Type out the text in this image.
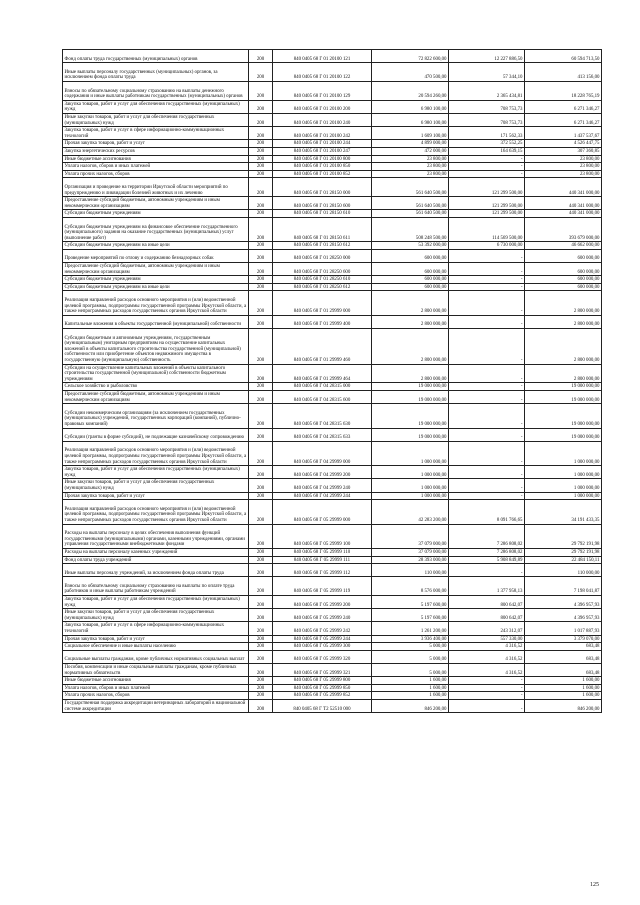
Фонд оплаты труда государственных (муниципальных) органов	200	840 0405 68 Г 01 20100 121	72 822 600,00	12 227 886,50	60 594 713,50
Иные выплаты персоналу государственных (муниципальных) органов, за исключением фонда оплаты труда	200	840 0405 68 Г 01 20100 122	470 500,00	57 344,10	413 156,00
Взносы по обязательному социальному страхованию на выплаты денежного содержания и иные выплаты работникам государственных (муниципальных) органов	200	840 0405 68 Г 01 20100 129	20 594 260,00	2 365 434,81	18 228 765,19
Закупка товаров, работ и услуг для обеспечения государственных (муниципальных) нужд	200	840 0405 68 Г 01 20100 200	6 980 100,00	708 753,73	6 271 346,27
Иные закупки товаров, работ и услуг для обеспечения государственных (муниципальных) нужд	200	840 0405 68 Г 01 20100 240	6 980 100,00	708 753,73	6 271 346,27
Закупка товаров, работ и услуг в сфере информационно-коммуникационных технологий	200	840 0405 68 Г 01 20100 242	1 609 100,00	171 562,33	1 437 537,67
Прочая закупка товаров, работ и услуг	200	840 0405 68 Г 01 20100 244	4 899 000,00	372 552,25	4 526 447,75
Закупка энергетических ресурсов	200	840 0405 68 Г 01 20100 247	472 000,00	164 639,15	307 360,85
Иные бюджетные ассигнования	200	840 0405 68 Г 01 20100 800	23 800,00	-	23 800,00
Уплата налогов, сборов и иных платежей	200	840 0405 68 Г 01 20100 850	23 800,00	-	23 800,00
Уплата прочих налогов, сборов	200	840 0405 68 Г 01 20100 852	23 800,00	-	23 800,00
Организация и проведение на территории Иркутской области мероприятий по предупреждению и ликвидации болезней животных и их лечению	200	840 0405 68 Г 01 28150 000	561 640 500,00	121 299 500,00	440 341 000,00
Предоставление субсидий бюджетным, автономным учреждениям и иным некоммерческим организациям	200	840 0405 68 Г 01 28150 600	561 640 500,00	121 299 500,00	440 341 000,00
Субсидии бюджетным учреждениям	200	840 0405 68 Г 01 28150 610	561 640 500,00	121 299 500,00	440 341 000,00
Субсидии бюджетным учреждениям на финансовое обеспечение государственного (муниципального) задания на оказание государственных (муниципальных) услуг (выполнение работ)	200	840 0405 68 Г 01 28150 611	508 248 500,00	114 569 500,00	393 679 000,00
Субсидии бюджетным учреждениям на иные цели	200	840 0405 68 Г 01 28150 612	53 392 000,00	6 730 000,00	46 662 000,00
Проведение мероприятий по отлову и содержанию безнадзорных собак	200	840 0405 68 Г 01 28250 000	600 000,00	-	600 000,00
Предоставление субсидий бюджетным, автономным учреждениям и иным некоммерческим организациям	200	840 0405 68 Г 01 28250 600	600 000,00	-	600 000,00
Субсидии бюджетным учреждениям	200	840 0405 68 Г 01 28250 610	600 000,00	-	600 000,00
Субсидии бюджетным учреждениям на иные цели	200	840 0405 68 Г 01 28250 612	600 000,00	-	600 000,00
Реализация направлений расходов основного мероприятия и (или) ведомственной целевой программы, подпрограммы государственной программы Иркутской области, а также непрограммных расходов государственных органов Иркутской области	200	840 0405 68 Г 01 29999 000	2 800 000,00	-	2 800 000,00
Капитальные вложения в объекты государственной (муниципальной) собственности	200	840 0405 68 Г 01 29999 400	2 800 000,00	-	2 800 000,00
Субсидии бюджетным и автономным учреждениям, государственным (муниципальным) унитарным предприятиям на осуществление капитальных вложений в объекты капитального строительства государственной (муниципальной) собственности или приобретение объектов недвижимого имущества в государственную (муниципальную) собственность	200	840 0405 68 Г 01 29999 460	2 800 000,00	-	2 800 000,00
Субсидии на осуществление капитальных вложений в объекты капитального строительства государственной (муниципальной) собственности бюджетным учреждениям	200	840 0405 68 Г 01 29999 464	2 800 000,00	-	2 800 000,00
Сельское хозяйство и рыболовство	200	840 0405 68 Г 04 28315 000	19 000 000,00	-	19 000 000,00
Предоставление субсидий бюджетным, автономным учреждениям и иным некоммерческим организациям	200	840 0405 68 Г 04 28315 600	19 000 000,00	-	19 000 000,00
Субсидии некоммерческим организациям (за исключением государственных (муниципальных) учреждений, государственных корпораций (компаний), публично-правовых компаний)	200	840 0405 68 Г 04 28315 630	19 000 000,00	-	19 000 000,00
Субсидии (гранты в форме субсидий), не подлежащие казначейскому сопровождению	200	840 0405 68 Г 04 28315 633	19 000 000,00	-	19 000 000,00
Реализация направлений расходов основного мероприятия и (или) ведомственной целевой программы, подпрограммы государственной программы Иркутской области, а также непрограммных расходов государственных органов Иркутской области	200	840 0405 68 Г 04 29999 000	1 000 000,00	-	1 000 000,00
Закупка товаров, работ и услуг для обеспечения государственных (муниципальных) нужд	200	840 0405 68 Г 04 29999 200	1 000 000,00	-	1 000 000,00
Иные закупки товаров, работ и услуг для обеспечения государственных (муниципальных) нужд	200	840 0405 68 Г 04 29999 240	1 000 000,00	-	1 000 000,00
Прочая закупка товаров, работ и услуг	200	840 0405 68 Г 04 29999 244	1 000 000,00	-	1 000 000,00
Реализация направлений расходов основного мероприятия и (или) ведомственной целевой программы, подпрограммы государственной программы Иркутской области, а также непрограммных расходов государственных органов Иркутской области	200	840 0405 68 Г 05 29999 000	42 283 200,00	8 091 766,65	34 191 433,35
Расходы на выплаты персоналу в целях обеспечения выполнения функций государственными (муниципальными) органами, казенными учреждениями, органами управления государственными внебюджетными фондами	200	840 0405 68 Г 05 29999 100	37 079 000,00	7 286 808,02	29 792 191,98
Расходы на выплаты персоналу казенных учреждений	200	840 0405 68 Г 05 29999 110	37 079 000,00	7 286 808,02	29 792 191,98
Фонд оплаты труда учреждений	200	840 0405 68 Г 05 29999 111	28 393 000,00	5 908 849,89	22 484 150,11
Иные выплаты персоналу учреждений, за исключением фонда оплаты труда	200	840 0405 68 Г 05 29999 112	110 000,00	-	110 000,00
Взносы по обязательному социальному страхованию на выплаты по оплате труда работников и иные выплаты работникам учреждений	200	840 0405 68 Г 05 29999 119	8 576 000,00	1 377 958,13	7 198 041,87
Закупка товаров, работ и услуг для обеспечения государственных (муниципальных) нужд	200	840 0405 68 Г 05 29999 200	5 197 600,00	800 642,07	4 396 957,93
Иные закупки товаров, работ и услуг для обеспечения государственных (муниципальных) нужд	200	840 0405 68 Г 05 29999 240	5 197 600,00	800 642,07	4 396 957,93
Закупка товаров, работ и услуг в сфере информационно-коммуникационных технологий	200	840 0405 68 Г 05 29999 242	1 261 200,00	243 312,07	1 017 887,93
Прочая закупка товаров, работ и услуг	200	840 0405 68 Г 05 29999 244	3 936 400,00	557 330,00	3 379 070,00
Социальное обеспечение и иные выплаты населению	200	840 0405 68 Г 05 29999 300	5 000,00	4 316,52	683,48
Социальные выплаты гражданам, кроме публичных нормативных социальных выплат	200	840 0405 68 Г 05 29999 320	5 000,00	4 316,52	683,48
Пособия, компенсации и иные социальные выплаты гражданам, кроме публичных нормативных обязательств	200	840 0405 68 Г 05 29999 321	5 000,00	4 316,52	683,48
Иные бюджетные ассигнования	200	840 0405 68 Г 05 29999 800	1 600,00	-	1 600,00
Уплата налогов, сборов и иных платежей	200	840 0405 68 Г 05 29999 850	1 600,00	-	1 600,00
Уплата прочих налогов, сборов	200	840 0405 68 Г 05 29999 852	1 600,00	-	1 600,00
Государственная поддержка аккредитации ветеринарных лабораторий в национальной системе аккредитации	200	840 0405 68 Г Т2 52510 000	846 200,00	-	846 200,00
125
